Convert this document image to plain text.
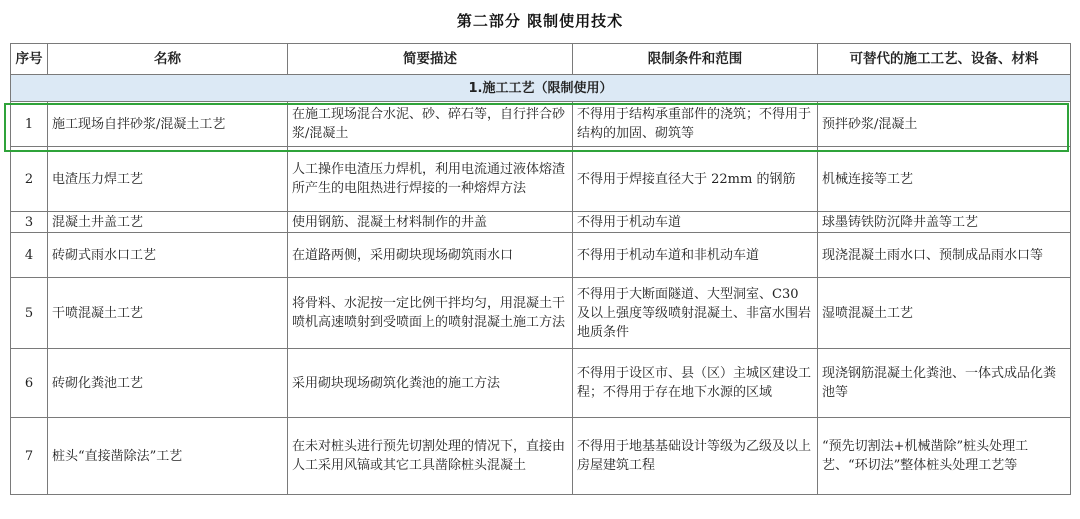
第二部分 限制使用技术
序号	名称	简要描述	限制条件和范围	可替代的施工工艺、设备、材料
1.施工工艺（限制使用）				
1	施工现场自拌砂浆/混凝土工艺	在施工现场混合水泥、砂、碎石等，自行拌合砂浆/混凝土	不得用于结构承重部件的浇筑；不得用于结构的加固、砌筑等	预拌砂浆/混凝土
2	电渣压力焊工艺	人工操作电渣压力焊机，利用电流通过液体熔渣所产生的电阻热进行焊接的一种熔焊方法	不得用于焊接直径大于 22mm 的钢筋	机械连接等工艺
3	混凝土井盖工艺	使用钢筋、混凝土材料制作的井盖	不得用于机动车道	球墨铸铁防沉降井盖等工艺
4	砖砌式雨水口工艺	在道路两侧，采用砌块现场砌筑雨水口	不得用于机动车道和非机动车道	现浇混凝土雨水口、预制成品雨水口等
5	干喷混凝土工艺	将骨料、水泥按一定比例干拌均匀，用混凝土干喷机高速喷射到受喷面上的喷射混凝土施工方法	不得用于大断面隧道、大型洞室、C30 及以上强度等级喷射混凝土、非富水围岩地质条件	湿喷混凝土工艺
6	砖砌化粪池工艺	采用砌块现场砌筑化粪池的施工方法	不得用于设区市、县（区）主城区建设工程；不得用于存在地下水源的区域	现浇钢筋混凝土化粪池、一体式成品化粪池等
7	桩头“直接凿除法”工艺	在未对桩头进行预先切割处理的情况下，直接由人工采用风镐或其它工具凿除桩头混凝土	不得用于地基基础设计等级为乙级及以上房屋建筑工程	“预先切割法+机械凿除”桩头处理工艺、“环切法”整体桩头处理工艺等
